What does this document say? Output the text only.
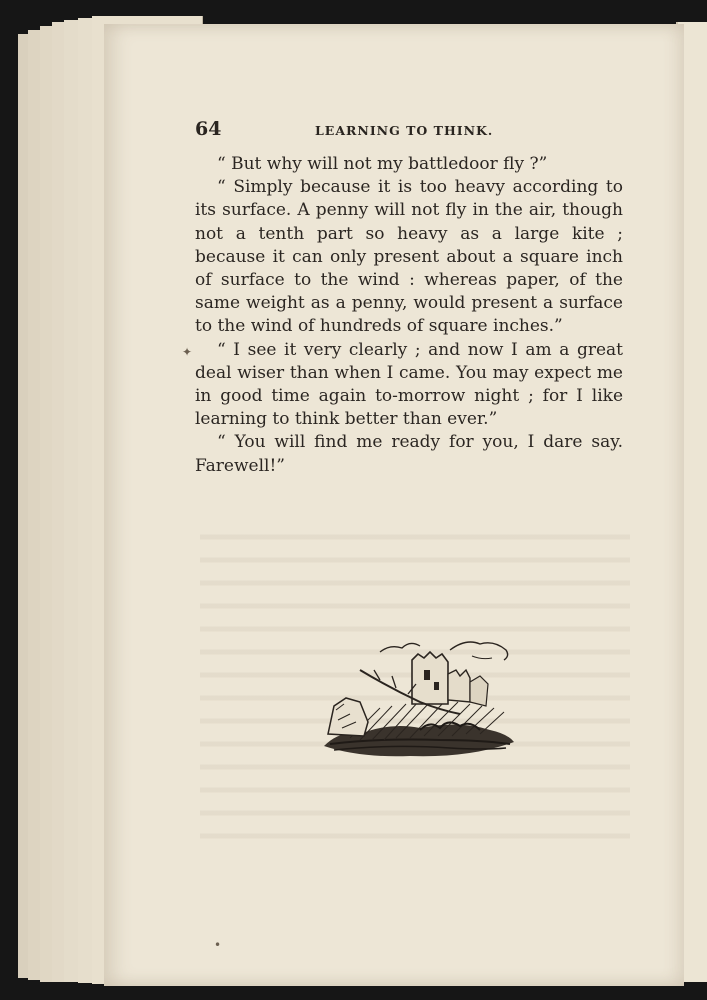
64	LEARNING TO THINK.

“ But why will not my battledoor fly ?”

“ Simply because it is too heavy according to its surface. A penny will not fly in the air, though not a tenth part so heavy as a large kite ; because it can only present about a square inch of surface to the wind : whereas paper, of the same weight as a penny, would present a surface to the wind of hundreds of square inches.”

“ I see it very clearly ; and now I am a great deal wiser than when I came. You may expect me in good time again to-morrow night ; for I like learning to think better than ever.”

“ You will find me ready for you, I dare say. Farewell!”

✦
•
